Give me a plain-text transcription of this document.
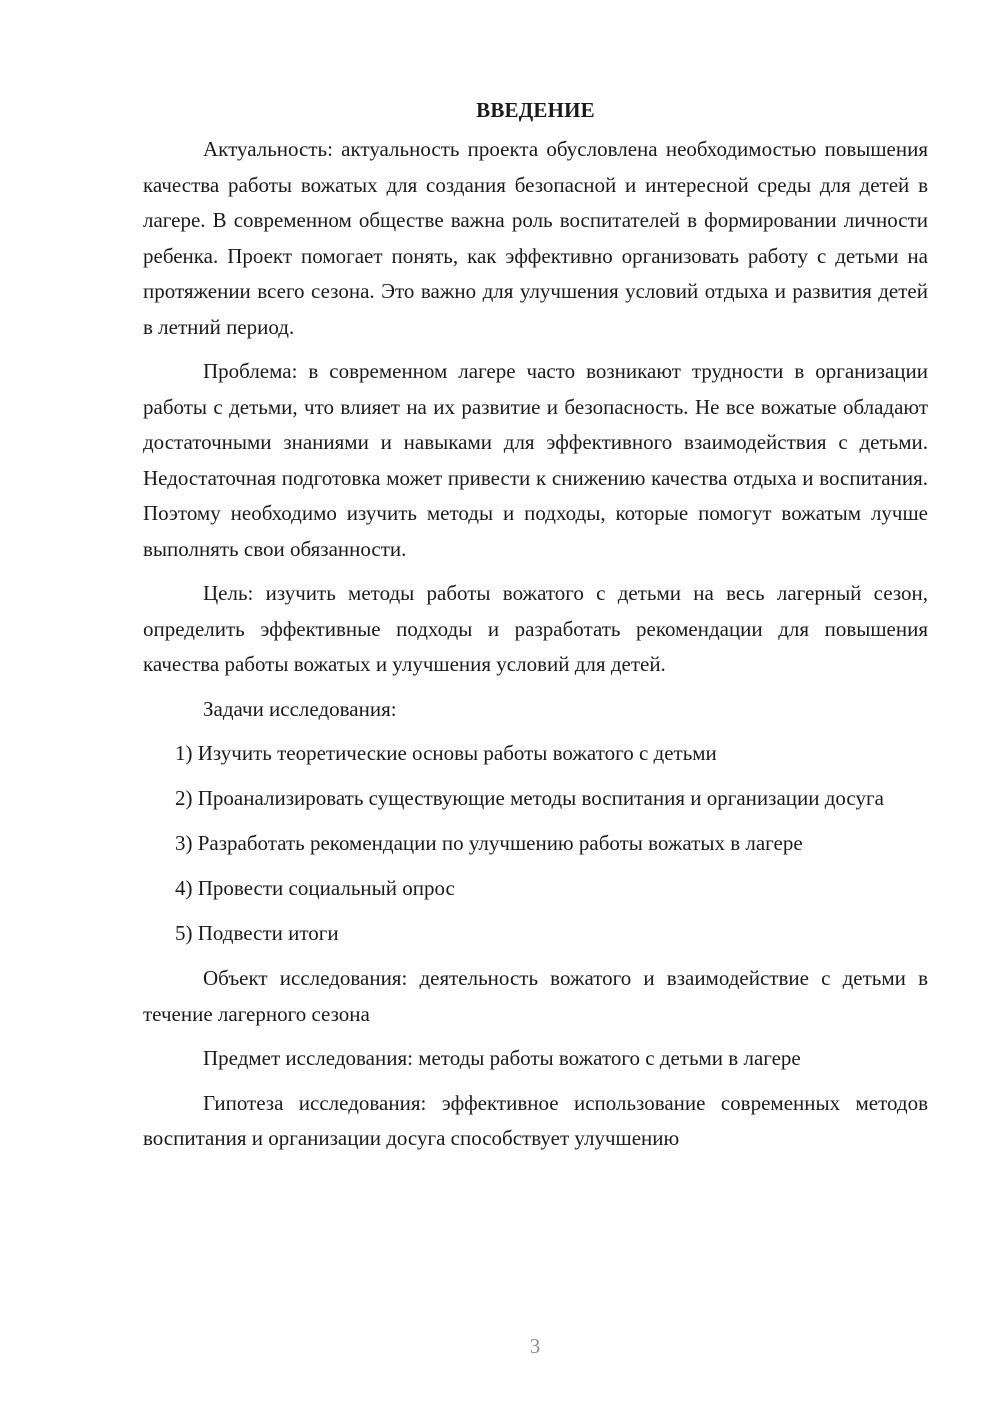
ВВЕДЕНИЕ

Актуальность: актуальность проекта обусловлена необходимостью повышения качества работы вожатых для создания безопасной и интересной среды для детей в лагере. В современном обществе важна роль воспитателей в формировании личности ребенка. Проект помогает понять, как эффективно организовать работу с детьми на протяжении всего сезона. Это важно для улучшения условий отдыха и развития детей в летний период.

Проблема: в современном лагере часто возникают трудности в организации работы с детьми, что влияет на их развитие и безопасность. Не все вожатые обладают достаточными знаниями и навыками для эффективного взаимодействия с детьми. Недостаточная подготовка может привести к снижению качества отдыха и воспитания. Поэтому необходимо изучить методы и подходы, которые помогут вожатым лучше выполнять свои обязанности.

Цель: изучить методы работы вожатого с детьми на весь лагерный сезон, определить эффективные подходы и разработать рекомендации для повышения качества работы вожатых и улучшения условий для детей.

Задачи исследования:

1) Изучить теоретические основы работы вожатого с детьми

2) Проанализировать существующие методы воспитания и организации досуга

3) Разработать рекомендации по улучшению работы вожатых в лагере

4) Провести социальный опрос

5) Подвести итоги

Объект исследования: деятельность вожатого и взаимодействие с детьми в течение лагерного сезона

Предмет исследования: методы работы вожатого с детьми в лагере

Гипотеза исследования: эффективное использование современных методов воспитания и организации досуга способствует улучшению

3
